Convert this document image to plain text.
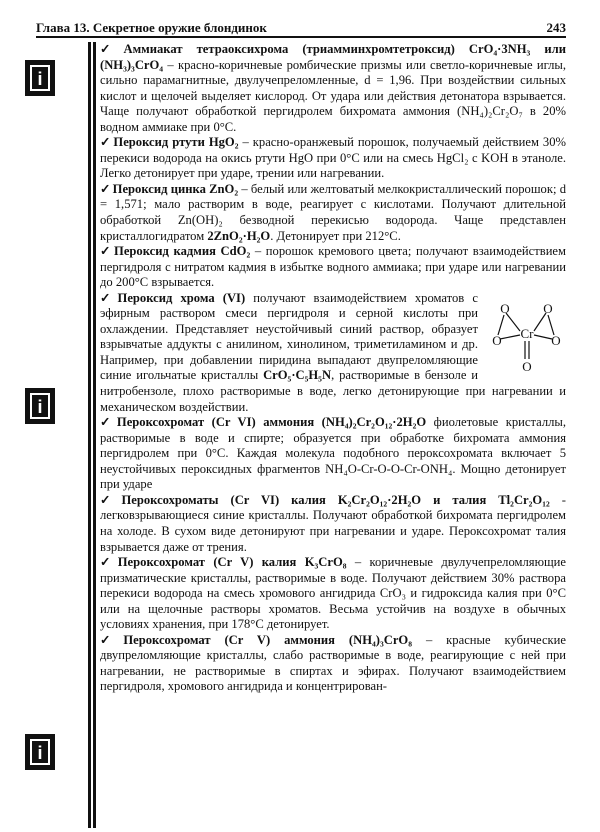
Глава 13. Секретное оружие блондинок	243
i
i
i
✓ Аммиакат тетраоксихрома (триамминхромтетроксид) CrO₄·3NH₃ или (NH₃)₃CrO₄ – красно-коричневые ромбические призмы или светло-коричневые иглы, сильно парамагнитные, двулучепреломленные, d = 1,96. При воздействии сильных кислот и щелочей выделяет кислород. От удара или действия детонатора взрывается. Чаще получают обработкой пергидролем бихромата аммония (NH₄)₂Cr₂O₇ в 20% водном аммиаке при 0°С.
✓ Пероксид ртути HgO₂ – красно-оранжевый порошок, получаемый действием 30% перекиси водорода на окись ртути HgO при 0°С или на смесь HgCl₂ с KOH в этаноле. Легко детонирует при ударе, трении или нагревании.
✓ Пероксид цинка ZnO₂ – белый или желтоватый мелкокристаллический порошок; d = 1,571; мало растворим в воде, реагирует с кислотами. Получают длительной обработкой Zn(OH)₂ безводной перекисью водорода. Чаще представлен кристаллогидратом 2ZnO₂·H₂O. Детонирует при 212°С.
✓ Пероксид кадмия CdO₂ – порошок кремового цвета; получают взаимодействием пергидроля с нитратом кадмия в избытке водного аммиака; при ударе или нагревании до 200°С взрывается.
✓ Пероксид хрома (VI)
Cr
O
O
O
O
O
получают взаимодействием хроматов с эфирным раствором смеси пергидроля и серной кислоты при охлаждении. Представляет неустойчивый синий раствор, образует взрывчатые аддукты с анилином, хинолином, триметиламином и др. Например, при добавлении пиридина выпадают двупреломляющие синие игольчатые кристаллы CrO₅·C₅H₅N, растворимые в бензоле и нитробензоле, плохо растворимые в воде, легко детонирующие при нагревании и механическом воздействии.
✓ Пероксохромат (Cr VI) аммония (NH₄)₂Cr₂O₁₂·2H₂O фиолетовые кристаллы, растворимые в воде и спирте; образуется при обработке бихромата аммония пергидролем при 0°С. Каждая молекула подобного пероксохромата включает 5 неустойчивых пероксидных фрагментов NH₄O-Cr-O-O-Cr-ONH₄. Мощно детонирует при ударе
✓ Пероксохроматы (Cr VI) калия K₂Cr₂O₁₂·2H₂O и талия Tl₂Cr₂O₁₂ - легковзрывающиеся синие кристаллы. Получают обработкой бихромата пергидролем на холоде. В сухом виде детонируют при нагревании и ударе. Пероксохромат талия взрывается даже от трения.
✓ Пероксохромат (Cr V) калия K₃CrO₈ – коричневые двулучепреломляющие призматические кристаллы, растворимые в воде. Получают действием 30% раствора перекиси водорода на смесь хромового ангидрида CrO₃ и гидроксида калия при 0°С или на щелочные растворы хроматов. Весьма устойчив на воздухе в обычных условиях хранения, при 178°С детонирует.
✓ Пероксохромат (Cr V) аммония (NH₄)₃CrO₈ – красные кубические двупреломляющие кристаллы, слабо растворимые в воде, реагирующие с ней при нагревании, не растворимые в спиртах и эфирах. Получают взаимодействием пергидроля, хромового ангидрида и концентрирован-
